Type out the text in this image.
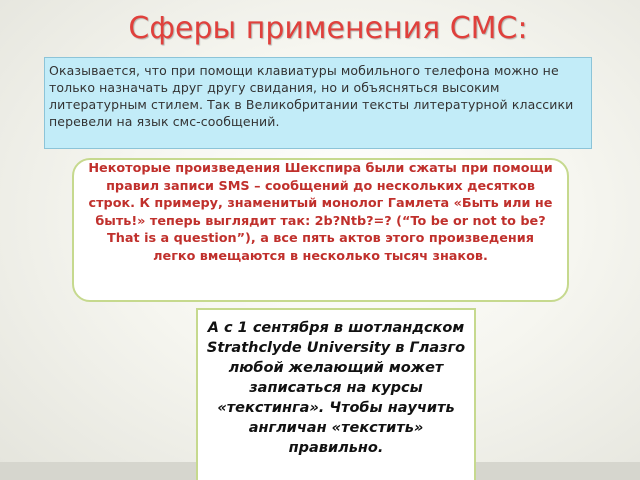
Оказывается, что при помощи клавиатуры мобильного телефона можно не только назначать друг другу свидания, но и объясняться высоким литературным стилем. Так в Великобритании тексты литературной классики перевели на язык смс-сообщений.
Сферы применения СМС:
Некоторые произведения Шекспира были сжаты при помощи правил записи SMS – сообщений до нескольких десятков строк. К примеру, знаменитый монолог Гамлета «Быть или не быть!» теперь выглядит так: 2b?Ntb?=? (“To be or not to be? That is a question”), а все пять актов этого произведения легко вмещаются в несколько тысяч знаков.
А с 1 сентября в шотландском Strathclyde University в Глазго любой желающий может записаться на курсы «текстинга». Чтобы научить англичан «текстить» правильно.
